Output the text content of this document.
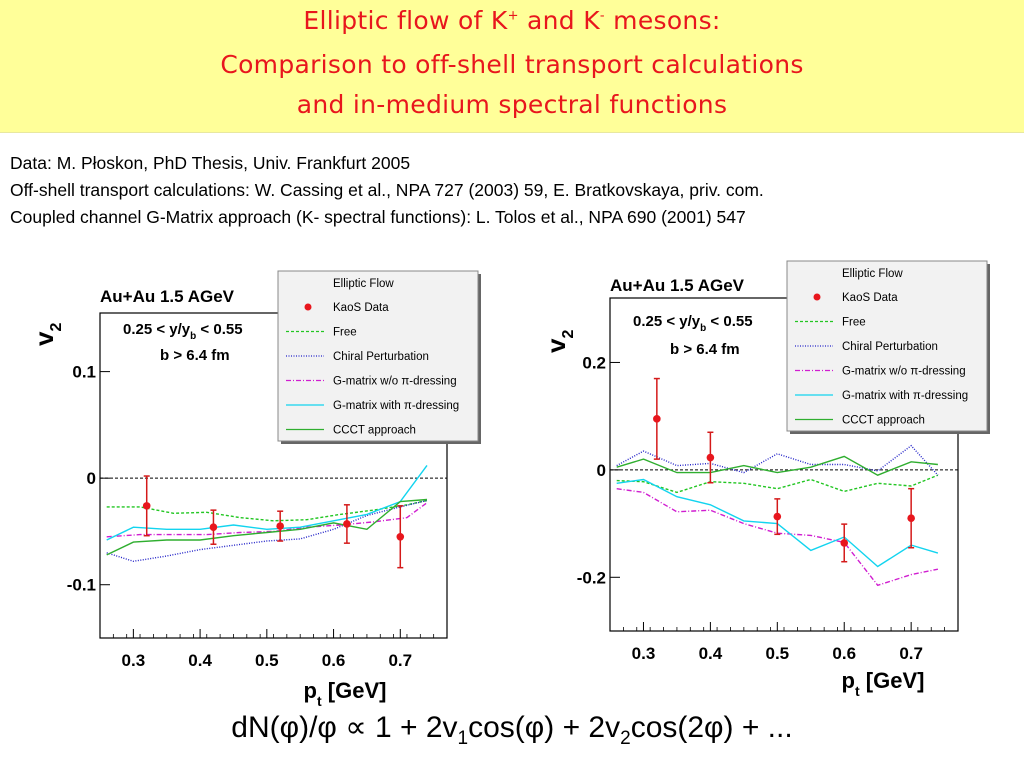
Elliptic flow of K+ and K- mesons:
Comparison to off-shell transport calculations
and in-medium spectral functions
Data: M. Płoskon, PhD Thesis, Univ. Frankfurt 2005
Off-shell transport calculations: W. Cassing et al., NPA 727 (2003) 59, E. Bratkovskaya, priv. com.
Coupled channel G-Matrix approach (K- spectral functions): L. Tolos et al., NPA 690 (2001) 547
0.3	0.4	0.5	0.6	0.7
-0.1
0
0.1
$v_2$
$p_t$ [GeV]
Au+Au 1.5 AGeV
$0.25 < y/y_b < 0.55$
b > 6.4 fm
Elliptic Flow
KaoS Data
Free
Chiral Perturbation
G-matrix w/o π-dressing
G-matrix with π-dressing
CCCT approach
0.3	0.4	0.5	0.6	0.7
-0.2
0
0.2
$v_2$
$p_t$ [GeV]
Au+Au 1.5 AGeV
$0.25 < y/y_b < 0.55$
b > 6.4 fm
Elliptic Flow
KaoS Data
Free
Chiral Perturbation
G-matrix w/o π-dressing
G-matrix with π-dressing
CCCT approach
$dN(\varphi)/\varphi \propto 1 + 2v_1\cos(\varphi) + 2v_2\cos(2\varphi)$ + ...
